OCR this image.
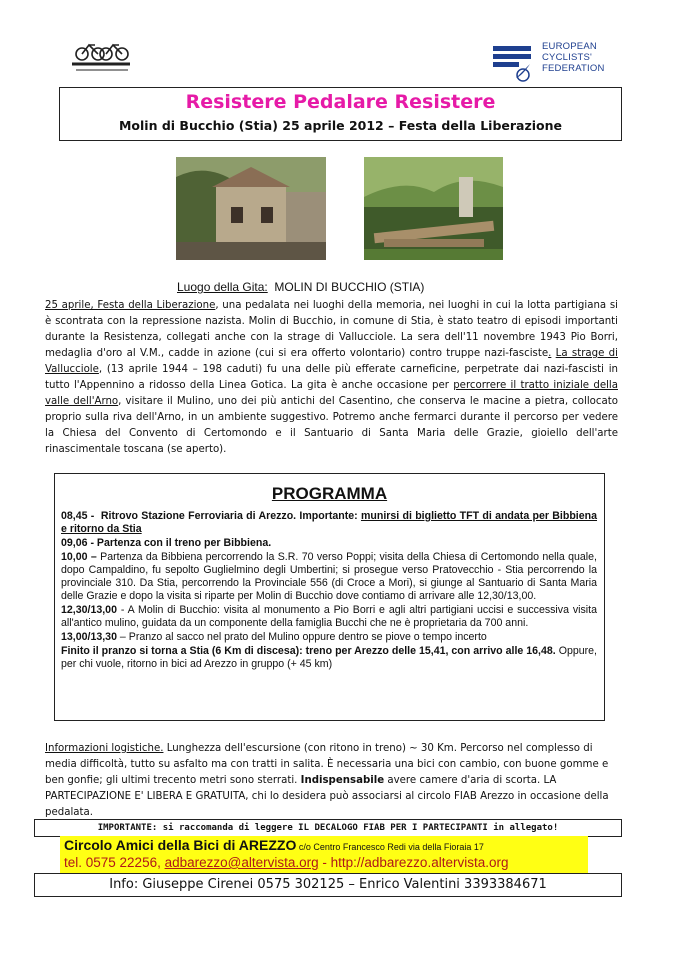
EUROPEAN
CYCLISTS'
FEDERATION
Resistere Pedalare Resistere
Molin di Bucchio (Stia) 25 aprile 2012 – Festa della Liberazione
Luogo della Gita: MOLIN DI BUCCHIO (STIA)
25 aprile, Festa della Liberazione, una pedalata nei luoghi della memoria, nei luoghi in cui la lotta partigiana si è scontrata con la repressione nazista. Molin di Bucchio, in comune di Stia, è stato teatro di episodi importanti durante la Resistenza, collegati anche con la strage di Vallucciole. La sera dell'11 novembre 1943 Pio Borri, medaglia d'oro al V.M., cadde in azione (cui si era offerto volontario) contro truppe nazi-fasciste. La strage di Vallucciole, (13 aprile 1944 – 198 caduti) fu una delle più efferate carneficine, perpetrate dai nazi-fascisti in tutto l'Appennino a ridosso della Linea Gotica. La gita è anche occasione per percorrere il tratto iniziale della valle dell'Arno, visitare il Mulino, uno dei più antichi del Casentino, che conserva le macine a pietra, collocato proprio sulla riva dell'Arno, in un ambiente suggestivo. Potremo anche fermarci durante il percorso per vedere la Chiesa del Convento di Certomondo e il Santuario di Santa Maria delle Grazie, gioiello dell'arte rinascimentale toscana (se aperto).
PROGRAMMA

08,45 - Ritrovo Stazione Ferroviaria di Arezzo. Importante: munirsi di biglietto TFT di andata per Bibbiena e ritorno da Stia

09,06 - Partenza con il treno per Bibbiena.

10,00 – Partenza da Bibbiena percorrendo la S.R. 70 verso Poppi; visita della Chiesa di Certomondo nella quale, dopo Campaldino, fu sepolto Guglielmino degli Umbertini; si prosegue verso Pratovecchio - Stia percorrendo la provinciale 310. Da Stia, percorrendo la Provinciale 556 (di Croce a Mori), si giunge al Santuario di Santa Maria delle Grazie e dopo la visita si riparte per Molin di Bucchio dove contiamo di arrivare alle 12,30/13,00.

12,30/13,00 - A Molin di Bucchio: visita al monumento a Pio Borri e agli altri partigiani uccisi e successiva visita all'antico mulino, guidata da un componente della famiglia Bucchi che ne è proprietaria da 700 anni.

13,00/13,30 – Pranzo al sacco nel prato del Mulino oppure dentro se piove o tempo incerto

Finito il pranzo si torna a Stia (6 Km di discesa): treno per Arezzo delle 15,41, con arrivo alle 16,48. Oppure, per chi vuole, ritorno in bici ad Arezzo in gruppo (+ 45 km)

Informazioni logistiche. Lunghezza dell'escursione (con ritono in treno) ~ 30 Km. Percorso nel complesso di media difficoltà, tutto su asfalto ma con tratti in salita. È necessaria una bici con cambio, con buone gomme e ben gonfie; gli ultimi trecento metri sono sterrati. Indispensabile avere camere d'aria di scorta. LA PARTECIPAZIONE E' LIBERA E GRATUITA, chi lo desidera può associarsi al circolo FIAB Arezzo in occasione della pedalata.
IMPORTANTE: si raccomanda di leggere IL DECALOGO FIAB PER I PARTECIPANTI in allegato!
Circolo Amici della Bici di AREZZO c/o Centro Francesco Redi via della Fioraia 17
tel. 0575 22256, adbarezzo@altervista.org - http://adbarezzo.altervista.org
Info: Giuseppe Cirenei 0575 302125 – Enrico Valentini 3393384671
